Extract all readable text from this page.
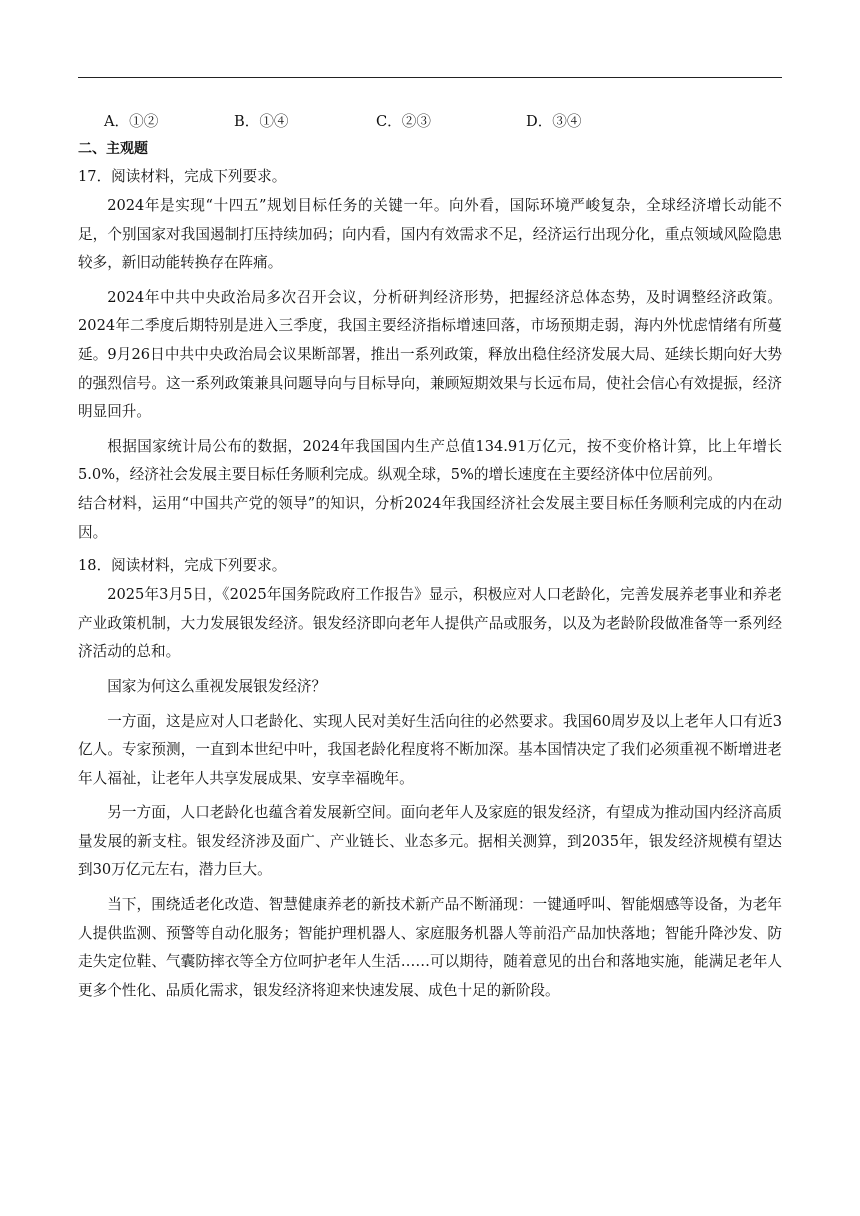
A．①②	B．①④	C．②③	D．③④

二、主观题

17．阅读材料，完成下列要求。

2024年是实现“十四五”规划目标任务的关键一年。向外看，国际环境严峻复杂，全球经济增长动能不足，个别国家对我国遏制打压持续加码；向内看，国内有效需求不足，经济运行出现分化，重点领域风险隐患较多，新旧动能转换存在阵痛。

2024年中共中央政治局多次召开会议，分析研判经济形势，把握经济总体态势，及时调整经济政策。2024年二季度后期特别是进入三季度，我国主要经济指标增速回落，市场预期走弱，海内外忧虑情绪有所蔓延。9月26日中共中央政治局会议果断部署，推出一系列政策，释放出稳住经济发展大局、延续长期向好大势的强烈信号。这一系列政策兼具问题导向与目标导向，兼顾短期效果与长远布局，使社会信心有效提振，经济明显回升。

根据国家统计局公布的数据，2024年我国国内生产总值134.91万亿元，按不变价格计算，比上年增长5.0%，经济社会发展主要目标任务顺利完成。纵观全球，5%的增长速度在主要经济体中位居前列。

结合材料，运用“中国共产党的领导”的知识，分析2024年我国经济社会发展主要目标任务顺利完成的内在动因。

18．阅读材料，完成下列要求。

2025年3月5日，《2025年国务院政府工作报告》显示，积极应对人口老龄化，完善发展养老事业和养老产业政策机制，大力发展银发经济。银发经济即向老年人提供产品或服务，以及为老龄阶段做准备等一系列经济活动的总和。

国家为何这么重视发展银发经济？

一方面，这是应对人口老龄化、实现人民对美好生活向往的必然要求。我国60周岁及以上老年人口有近3亿人。专家预测，一直到本世纪中叶，我国老龄化程度将不断加深。基本国情决定了我们必须重视不断增进老年人福祉，让老年人共享发展成果、安享幸福晚年。

另一方面，人口老龄化也蕴含着发展新空间。面向老年人及家庭的银发经济，有望成为推动国内经济高质量发展的新支柱。银发经济涉及面广、产业链长、业态多元。据相关测算，到2035年，银发经济规模有望达到30万亿元左右，潜力巨大。

当下，围绕适老化改造、智慧健康养老的新技术新产品不断涌现：一键通呼叫、智能烟感等设备，为老年人提供监测、预警等自动化服务；智能护理机器人、家庭服务机器人等前沿产品加快落地；智能升降沙发、防走失定位鞋、气囊防摔衣等全方位呵护老年人生活……可以期待，随着意见的出台和落地实施，能满足老年人更多个性化、品质化需求，银发经济将迎来快速发展、成色十足的新阶段。
